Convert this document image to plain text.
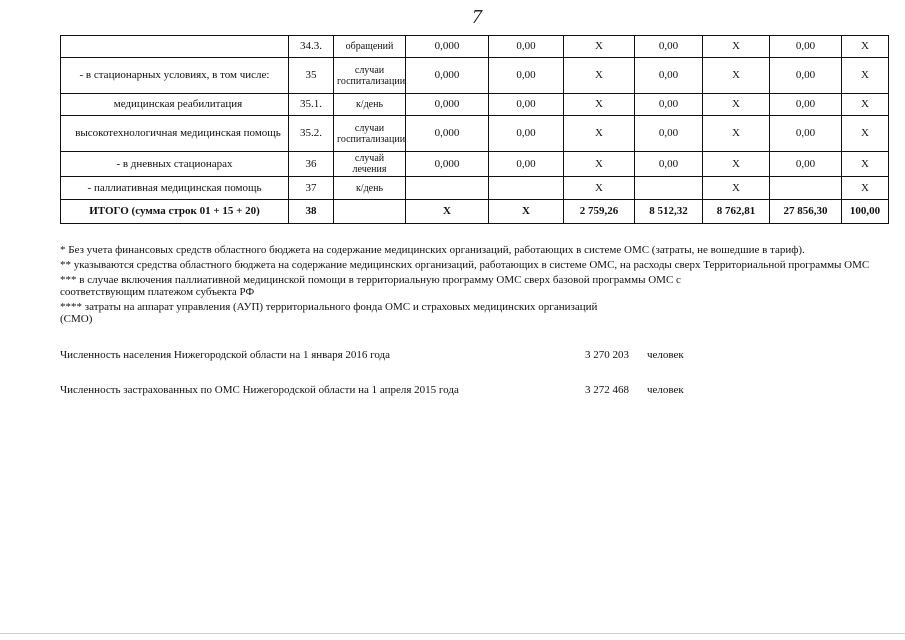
7
	34.3.	обращений	0,000	0,00	X	0,00	X	0,00	X
- в стационарных условиях, в том числе:	35	случаи госпитализации	0,000	0,00	X	0,00	X	0,00	X
медицинская реабилитация	35.1.	к/день	0,000	0,00	X	0,00	X	0,00	X
высокотехнологичная медицинская помощь	35.2.	случаи госпитализации	0,000	0,00	X	0,00	X	0,00	X
- в дневных стационарах	36	случай лечения	0,000	0,00	X	0,00	X	0,00	X
- паллиативная медицинская помощь	37	к/день			X		X		X
ИТОГО (сумма строк 01 + 15 + 20)	38		X	X	2 759,26	8 512,32	8 762,81	27 856,30	100,00
* Без учета финансовых средств областного бюджета на содержание медицинских организаций, работающих в системе ОМС (затраты, не вошедшие в тариф).
** указываются средства областного бюджета на содержание медицинских организаций, работающих в системе ОМС, на расходы сверх Территориальной программы ОМС
*** в случае включения паллиативной медицинской помощи в территориальную программу ОМС сверх базовой программы ОМС с соответствующим платежом субъекта РФ
**** затраты на аппарат управления (АУП) территориального фонда ОМС и страховых медицинских организаций (СМО)
Численность населения Нижегородской области на 1 января 2016 года	3 270 203 человек
Численность застрахованных по ОМС Нижегородской области на 1 апреля 2015 года	3 272 468 человек
